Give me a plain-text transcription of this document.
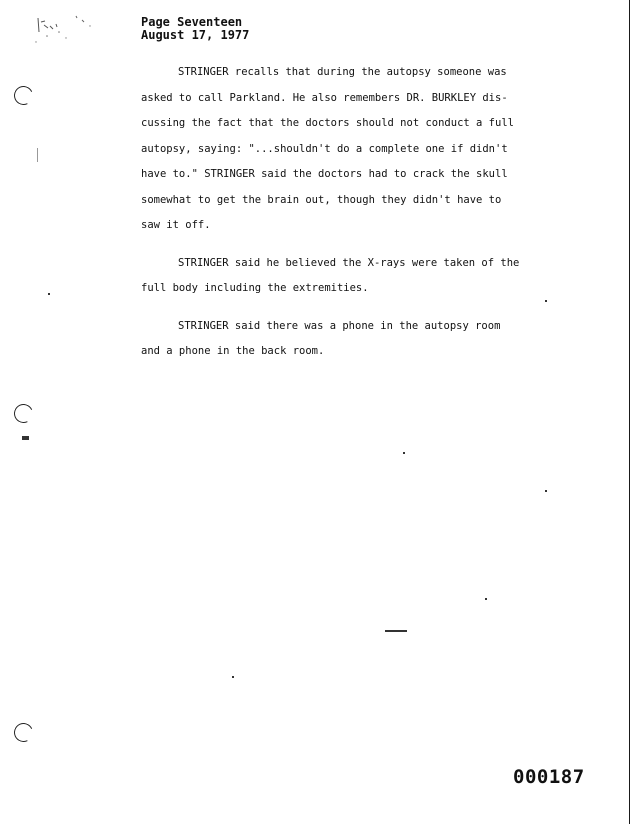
Page Seventeen
August 17, 1977
STRINGER recalls that during the autopsy someone was
asked to call Parkland. He also remembers DR. BURKLEY dis-
cussing the fact that the doctors should not conduct a full
autopsy, saying: "...shouldn't do a complete one if didn't
have to." STRINGER said the doctors had to crack the skull
somewhat to get the brain out, though they didn't have to
saw it off.
STRINGER said he believed the X-rays were taken of the
full body including the extremities.
STRINGER said there was a phone in the autopsy room
and a phone in the back room.
000187
